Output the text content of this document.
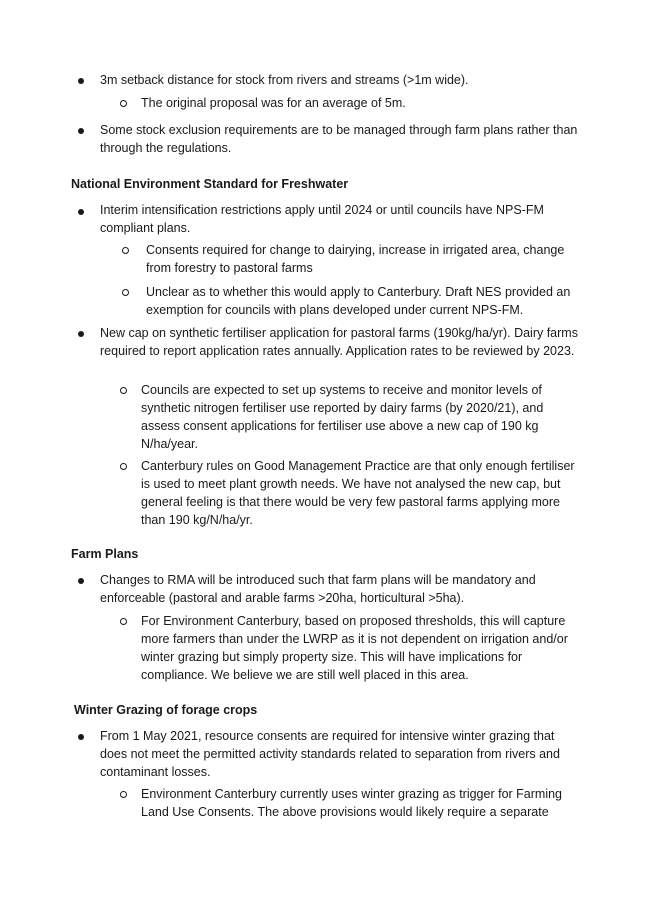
3m setback distance for stock from rivers and streams (>1m wide).
The original proposal was for an average of 5m.
Some stock exclusion requirements are to be managed through farm plans rather than through the regulations.
National Environment Standard for Freshwater
Interim intensification restrictions apply until 2024 or until councils have NPS-FM compliant plans.
Consents required for change to dairying, increase in irrigated area, change from forestry to pastoral farms
Unclear as to whether this would apply to Canterbury. Draft NES provided an exemption for councils with plans developed under current NPS-FM.
New cap on synthetic fertiliser application for pastoral farms (190kg/ha/yr). Dairy farms required to report application rates annually. Application rates to be reviewed by 2023.
Councils are expected to set up systems to receive and monitor levels of synthetic nitrogen fertiliser use reported by dairy farms (by 2020/21), and assess consent applications for fertiliser use above a new cap of 190 kg N/ha/year.
Canterbury rules on Good Management Practice are that only enough fertiliser is used to meet plant growth needs. We have not analysed the new cap, but general feeling is that there would be very few pastoral farms applying more than 190 kg/N/ha/yr.
Farm Plans
Changes to RMA will be introduced such that farm plans will be mandatory and enforceable (pastoral and arable farms >20ha, horticultural >5ha).
For Environment Canterbury, based on proposed thresholds, this will capture more farmers than under the LWRP as it is not dependent on irrigation and/or winter grazing but simply property size. This will have implications for compliance. We believe we are still well placed in this area.
Winter Grazing of forage crops
From 1 May 2021, resource consents are required for intensive winter grazing that does not meet the permitted activity standards related to separation from rivers and contaminant losses.
Environment Canterbury currently uses winter grazing as trigger for Farming Land Use Consents. The above provisions would likely require a separate
